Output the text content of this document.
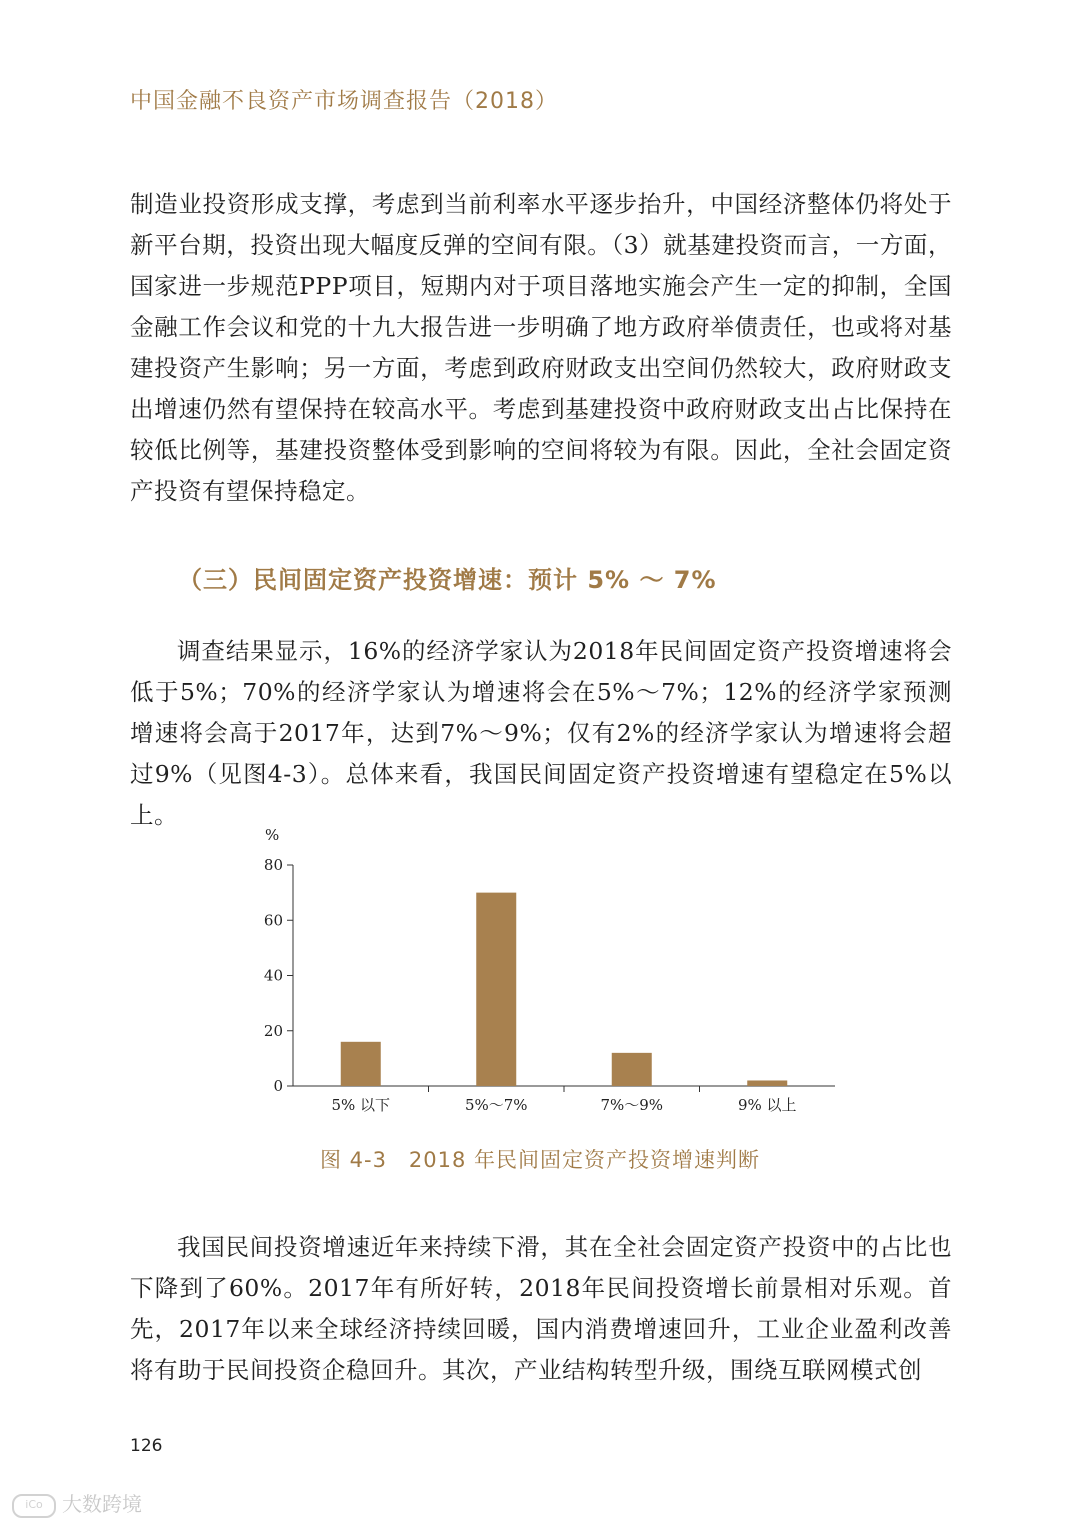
中国金融不良资产市场调查报告（2018）

制造业投资形成支撑，考虑到当前利率水平逐步抬升，中国经济整体仍将处于新平台期，投资出现大幅度反弹的空间有限。（3）就基建投资而言，一方面，国家进一步规范PPP项目，短期内对于项目落地实施会产生一定的抑制，全国金融工作会议和党的十九大报告进一步明确了地方政府举债责任，也或将对基建投资产生影响；另一方面，考虑到政府财政支出空间仍然较大，政府财政支出增速仍然有望保持在较高水平。考虑到基建投资中政府财政支出占比保持在较低比例等，基建投资整体受到影响的空间将较为有限。因此，全社会固定资产投资有望保持稳定。

（三）民间固定资产投资增速：预计 5% ～ 7%

调查结果显示，16%的经济学家认为2018年民间固定资产投资增速将会低于5%；70%的经济学家认为增速将会在5%～7%；12%的经济学家预测增速将会高于2017年，达到7%～9%；仅有2%的经济学家认为增速将会超过9%（见图4-3）。总体来看，我国民间固定资产投资增速有望稳定在5%以上。

%
0
20
40
60
80
5% 以下	5%～7%	7%～9%	9% 以上
图 4-3　2018 年民间固定资产投资增速判断

我国民间投资增速近年来持续下滑，其在全社会固定资产投资中的占比也下降到了60%。2017年有所好转，2018年民间投资增长前景相对乐观。首先，2017年以来全球经济持续回暖，国内消费增速回升，工业企业盈利改善将有助于民间投资企稳回升。其次，产业结构转型升级，围绕互联网模式创

126
iCo 大数跨境
